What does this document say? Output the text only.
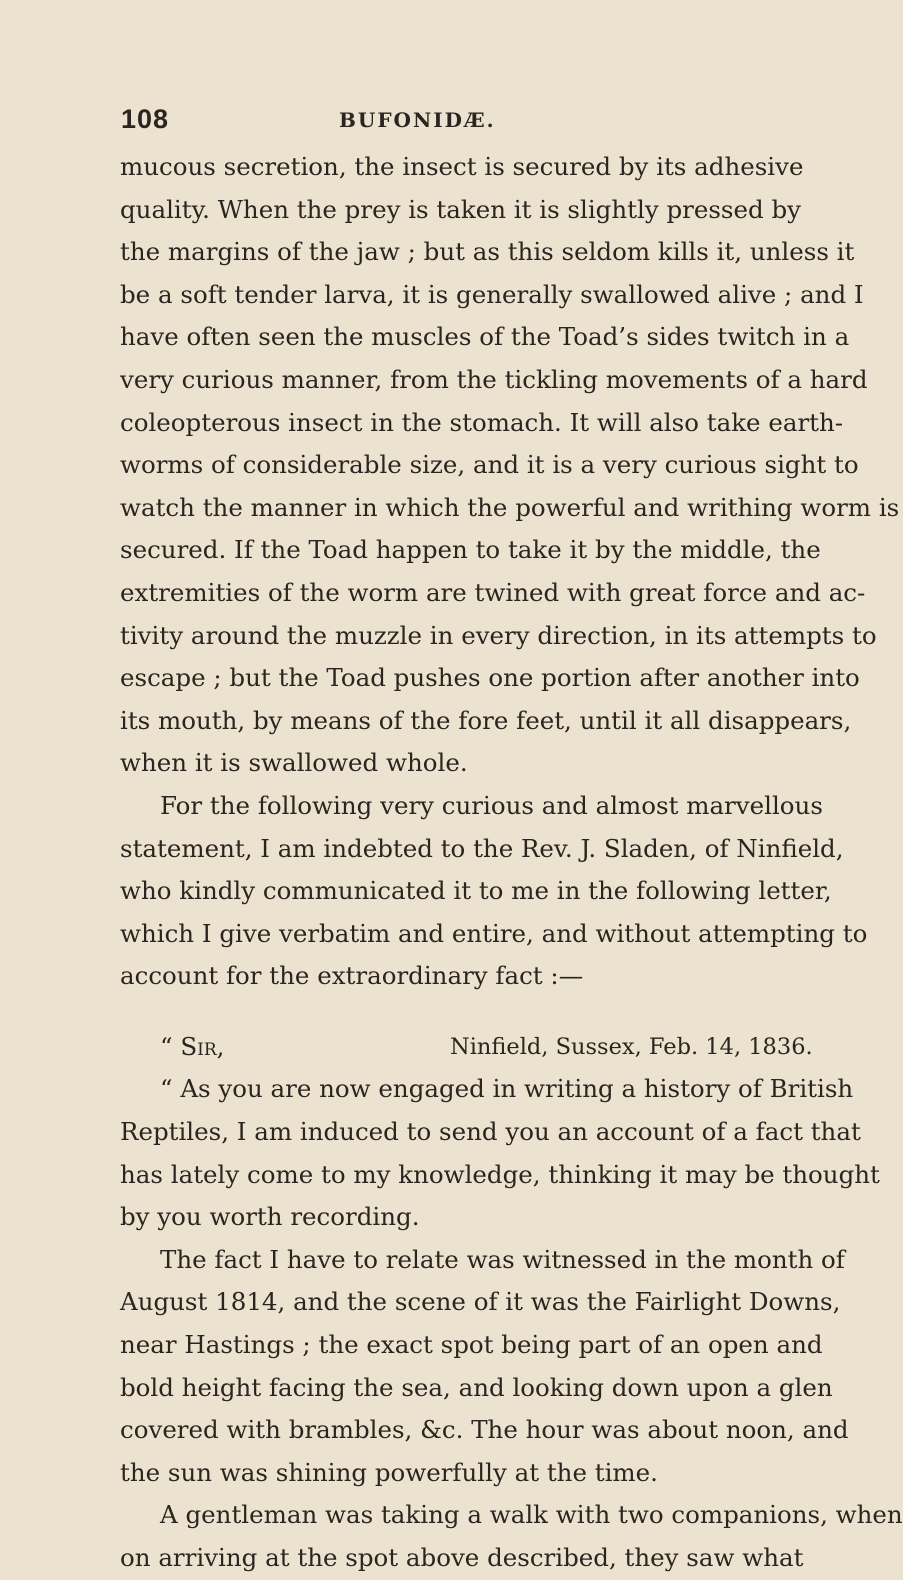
108	BUFONIDÆ.
mucous secretion, the insect is secured by its adhesive
quality. When the prey is taken it is slightly pressed by
the margins of the jaw ; but as this seldom kills it, unless it
be a soft tender larva, it is generally swallowed alive ; and I
have often seen the muscles of the Toad’s sides twitch in a
very curious manner, from the tickling movements of a hard
coleopterous insect in the stomach. It will also take earth-
worms of considerable size, and it is a very curious sight to
watch the manner in which the powerful and writhing worm is
secured. If the Toad happen to take it by the middle, the
extremities of the worm are twined with great force and ac-
tivity around the muzzle in every direction, in its attempts to
escape ; but the Toad pushes one portion after another into
its mouth, by means of the fore feet, until it all disappears,
when it is swallowed whole.
For the following very curious and almost marvellous
statement, I am indebted to the Rev. J. Sladen, of Ninfield,
who kindly communicated it to me in the following letter,
which I give verbatim and entire, and without attempting to
account for the extraordinary fact :—
“ Sir,	Ninfield, Sussex, Feb. 14, 1836.
“ As you are now engaged in writing a history of British
Reptiles, I am induced to send you an account of a fact that
has lately come to my knowledge, thinking it may be thought
by you worth recording.
The fact I have to relate was witnessed in the month of
August 1814, and the scene of it was the Fairlight Downs,
near Hastings ; the exact spot being part of an open and
bold height facing the sea, and looking down upon a glen
covered with brambles, &c. The hour was about noon, and
the sun was shining powerfully at the time.
A gentleman was taking a walk with two companions, when
on arriving at the spot above described, they saw what
